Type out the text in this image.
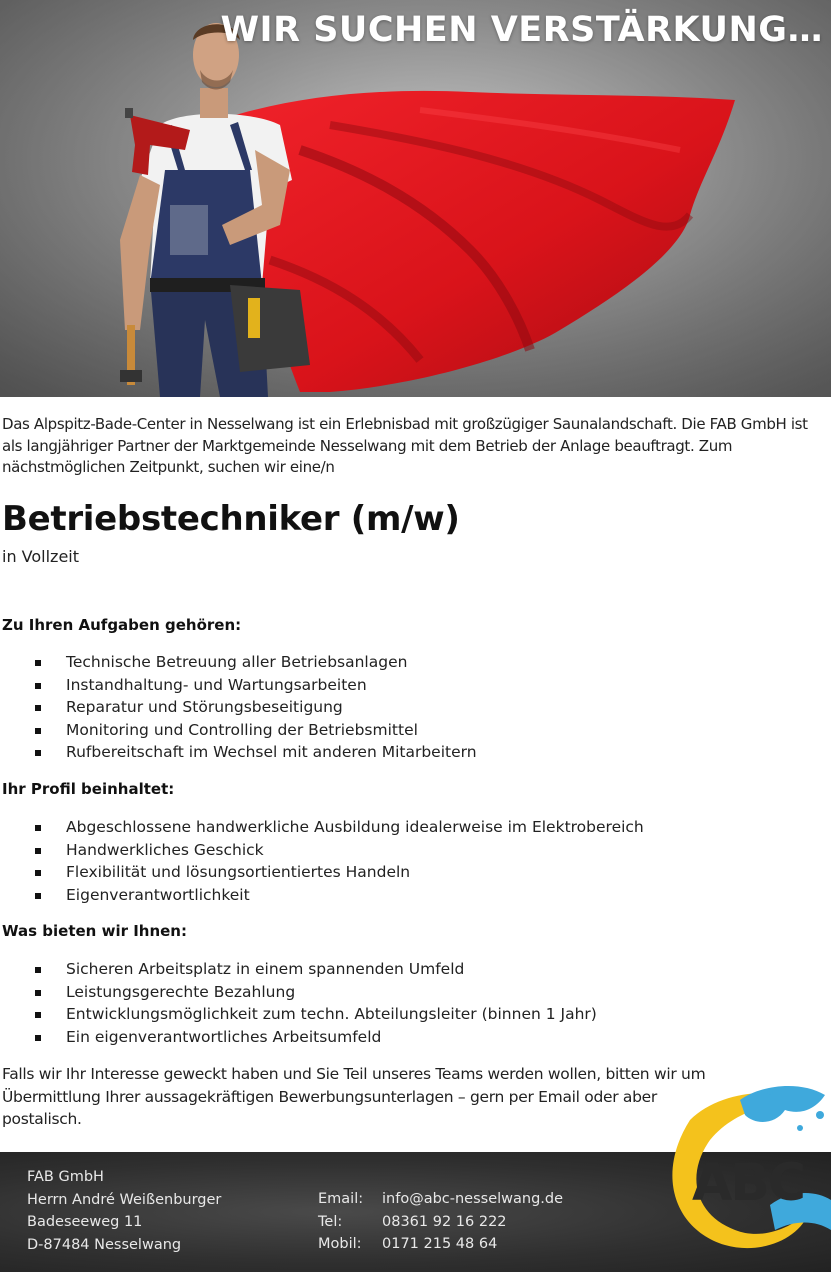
WIR SUCHEN VERSTÄRKUNG…

Das Alpspitz-Bade-Center in Nesselwang ist ein Erlebnisbad mit großzügiger Saunalandschaft. Die FAB GmbH ist als langjähriger Partner der Marktgemeinde Nesselwang mit dem Betrieb der Anlage beauftragt. Zum nächstmöglichen Zeitpunkt, suchen wir eine/n

Betriebstechniker (m/w)

in Vollzeit

Zu Ihren Aufgaben gehören:
Technische Betreuung aller Betriebsanlagen
Instandhaltung- und Wartungsarbeiten
Reparatur und Störungsbeseitigung
Monitoring und Controlling der Betriebsmittel
Rufbereitschaft im Wechsel mit anderen Mitarbeitern
Ihr Profil beinhaltet:
Abgeschlossene handwerkliche Ausbildung idealerweise im Elektrobereich
Handwerkliches Geschick
Flexibilität und lösungsortientiertes Handeln
Eigenverantwortlichkeit
Was bieten wir Ihnen:
Sicheren Arbeitsplatz in einem spannenden Umfeld
Leistungsgerechte Bezahlung
Entwicklungsmöglichkeit zum techn. Abteilungsleiter (binnen 1 Jahr)
Ein eigenverantwortliches Arbeitsumfeld

Falls wir Ihr Interesse geweckt haben und Sie Teil unseres Teams werden wollen, bitten wir um Übermittlung Ihrer aussagekräftigen Bewerbungsunterlagen – gern per Email oder aber postalisch.

FAB GmbH
Herrn André Weißenburger
Badeseeweg 11
D-87484 Nesselwang
Email:	info@abc-nesselwang.de
Tel:	08361 92 16 222
Mobil:	0171 215 48 64
ABC
